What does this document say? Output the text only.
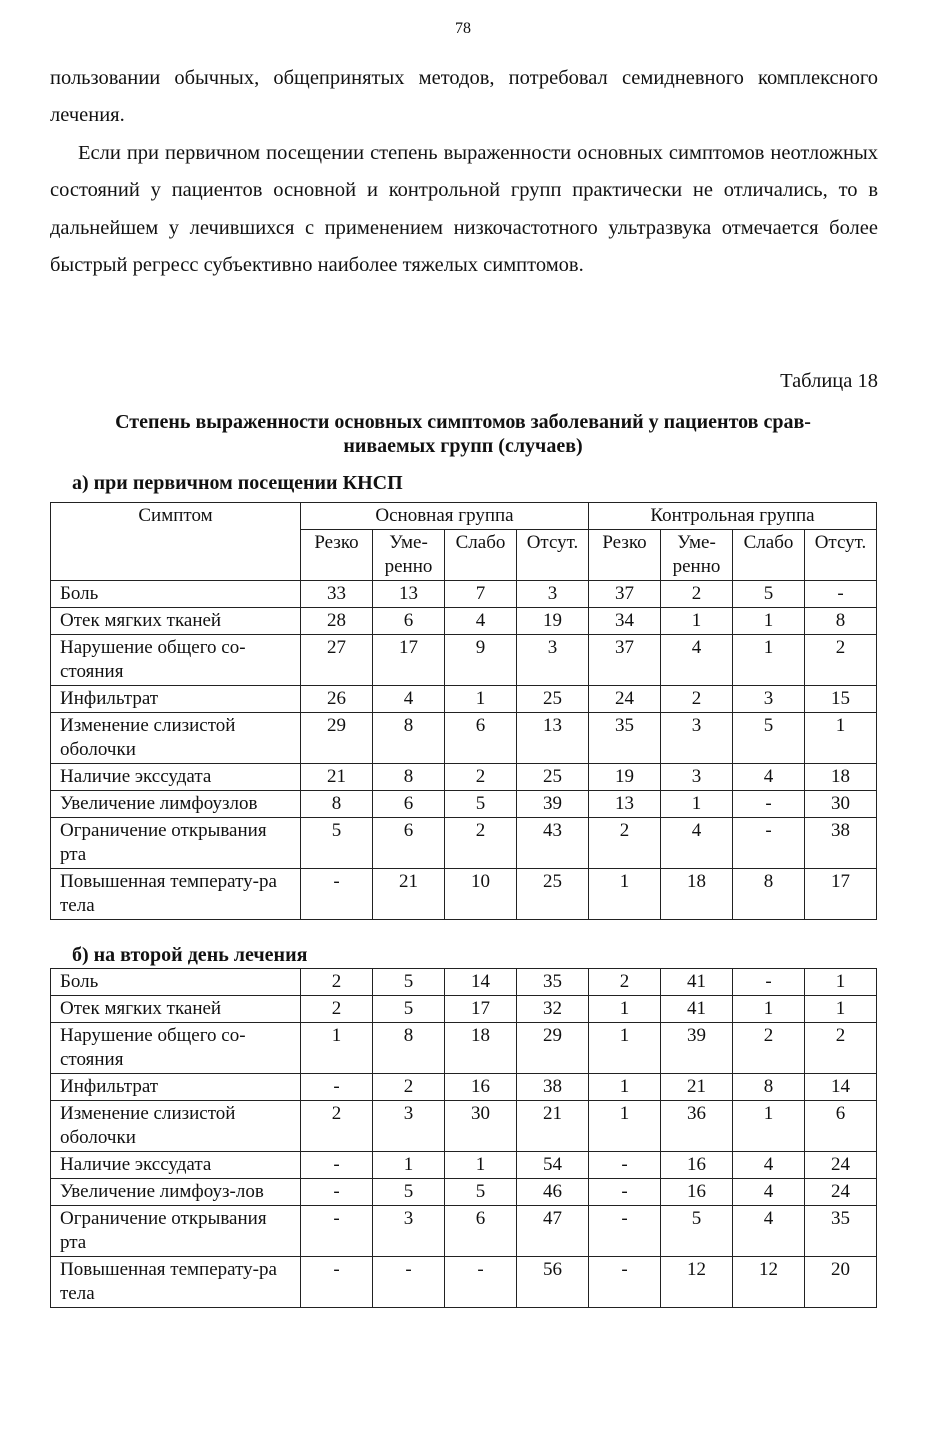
78

пользовании обычных, общепринятых методов, потребовал семидневного комплексного лечения.

Если при первичном посещении степень выраженности основных симптомов неотложных состояний у пациентов основной и контрольной групп практически не отличались, то в дальнейшем у лечившихся с применением низкочастотного ультразвука отмечается более быстрый регресс субъективно наиболее тяжелых симптомов.

Таблица 18
Степень выраженности основных симптомов заболеваний у пациентов срав-
ниваемых групп (случаев)
а) при первичном посещении КНСП
Симптом	Основная группа				Контрольная группа			
	Резко	Уме-ренно	Слабо	Отсут.	Резко	Уме-ренно	Слабо	Отсут.
Боль	33	13	7	3	37	2	5	-
Отек мягких тканей	28	6	4	19	34	1	1	8
Нарушение общего со-стояния	27	17	9	3	37	4	1	2
Инфильтрат	26	4	1	25	24	2	3	15
Изменение слизистой оболочки	29	8	6	13	35	3	5	1
Наличие экссудата	21	8	2	25	19	3	4	18
Увеличение лимфоузлов	8	6	5	39	13	1	-	30
Ограничение открывания рта	5	6	2	43	2	4	-	38
Повышенная температу-ра тела	-	21	10	25	1	18	8	17
б) на второй день лечения
Боль	2	5	14	35	2	41	-	1
Отек мягких тканей	2	5	17	32	1	41	1	1
Нарушение общего со-стояния	1	8	18	29	1	39	2	2
Инфильтрат	-	2	16	38	1	21	8	14
Изменение слизистой оболочки	2	3	30	21	1	36	1	6
Наличие экссудата	-	1	1	54	-	16	4	24
Увеличение лимфоуз-лов	-	5	5	46	-	16	4	24
Ограничение открывания рта	-	3	6	47	-	5	4	35
Повышенная температу-ра тела	-	-	-	56	-	12	12	20
